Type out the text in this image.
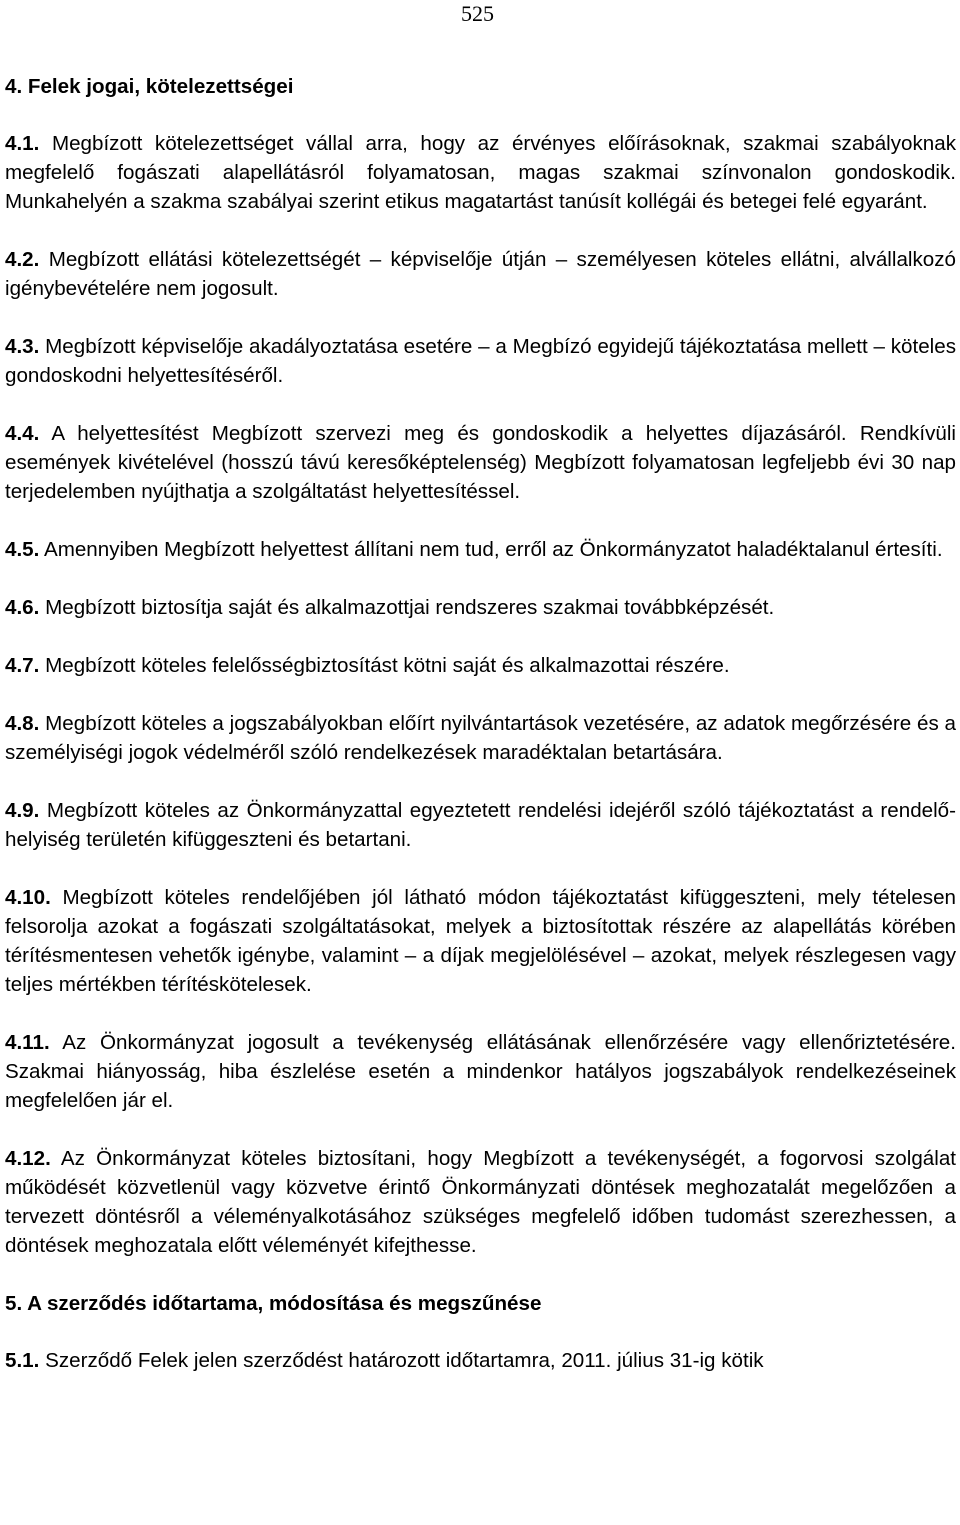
525
4. Felek jogai, kötelezettségei
4.1. Megbízott kötelezettséget vállal arra, hogy az érvényes előírásoknak, szakmai szabályoknak megfelelő fogászati alapellátásról folyamatosan, magas szakmai színvonalon gondoskodik. Munkahelyén a szakma szabályai szerint etikus magatartást tanúsít kollégái és betegei felé egyaránt.
4.2. Megbízott ellátási kötelezettségét – képviselője útján – személyesen köteles ellátni, alvállalkozó igénybevételére nem jogosult.
4.3. Megbízott képviselője akadályoztatása esetére – a Megbízó egyidejű tájékoztatása mellett – köteles gondoskodni helyettesítéséről.
4.4. A helyettesítést Megbízott szervezi meg és gondoskodik a helyettes díjazásáról. Rendkívüli események kivételével (hosszú távú keresőképtelenség) Megbízott folyamatosan legfeljebb évi 30 nap terjedelemben nyújthatja a szolgáltatást helyettesítéssel.
4.5. Amennyiben Megbízott helyettest állítani nem tud, erről az Önkormányzatot haladéktalanul értesíti.
4.6. Megbízott biztosítja saját és alkalmazottjai rendszeres szakmai továbbképzését.
4.7. Megbízott köteles felelősségbiztosítást kötni saját és alkalmazottai részére.
4.8. Megbízott köteles a jogszabályokban előírt nyilvántartások vezetésére, az adatok megőrzésére és a személyiségi jogok védelméről szóló rendelkezések maradéktalan betartására.
4.9. Megbízott köteles az Önkormányzattal egyeztetett rendelési idejéről szóló tájékoztatást a rendelő-helyiség területén kifüggeszteni és betartani.
4.10. Megbízott köteles rendelőjében jól látható módon tájékoztatást kifüggeszteni, mely tételesen felsorolja azokat a fogászati szolgáltatásokat, melyek a biztosítottak részére az alapellátás körében térítésmentesen vehetők igénybe, valamint – a díjak megjelölésével – azokat, melyek részlegesen vagy teljes mértékben térítéskötelesek.
4.11. Az Önkormányzat jogosult a tevékenység ellátásának ellenőrzésére vagy ellenőriztetésére. Szakmai hiányosság, hiba észlelése esetén a mindenkor hatályos jogszabályok rendelkezéseinek megfelelően jár el.
4.12. Az Önkormányzat köteles biztosítani, hogy Megbízott a tevékenységét, a fogorvosi szolgálat működését közvetlenül vagy közvetve érintő Önkormányzati döntések meghozatalát megelőzően a tervezett döntésről a véleményalkotásához szükséges megfelelő időben tudomást szerezhessen, a döntések meghozatala előtt véleményét kifejthesse.
5. A szerződés időtartama, módosítása és megszűnése
5.1. Szerződő Felek jelen szerződést határozott időtartamra, 2011. július 31-ig kötik
